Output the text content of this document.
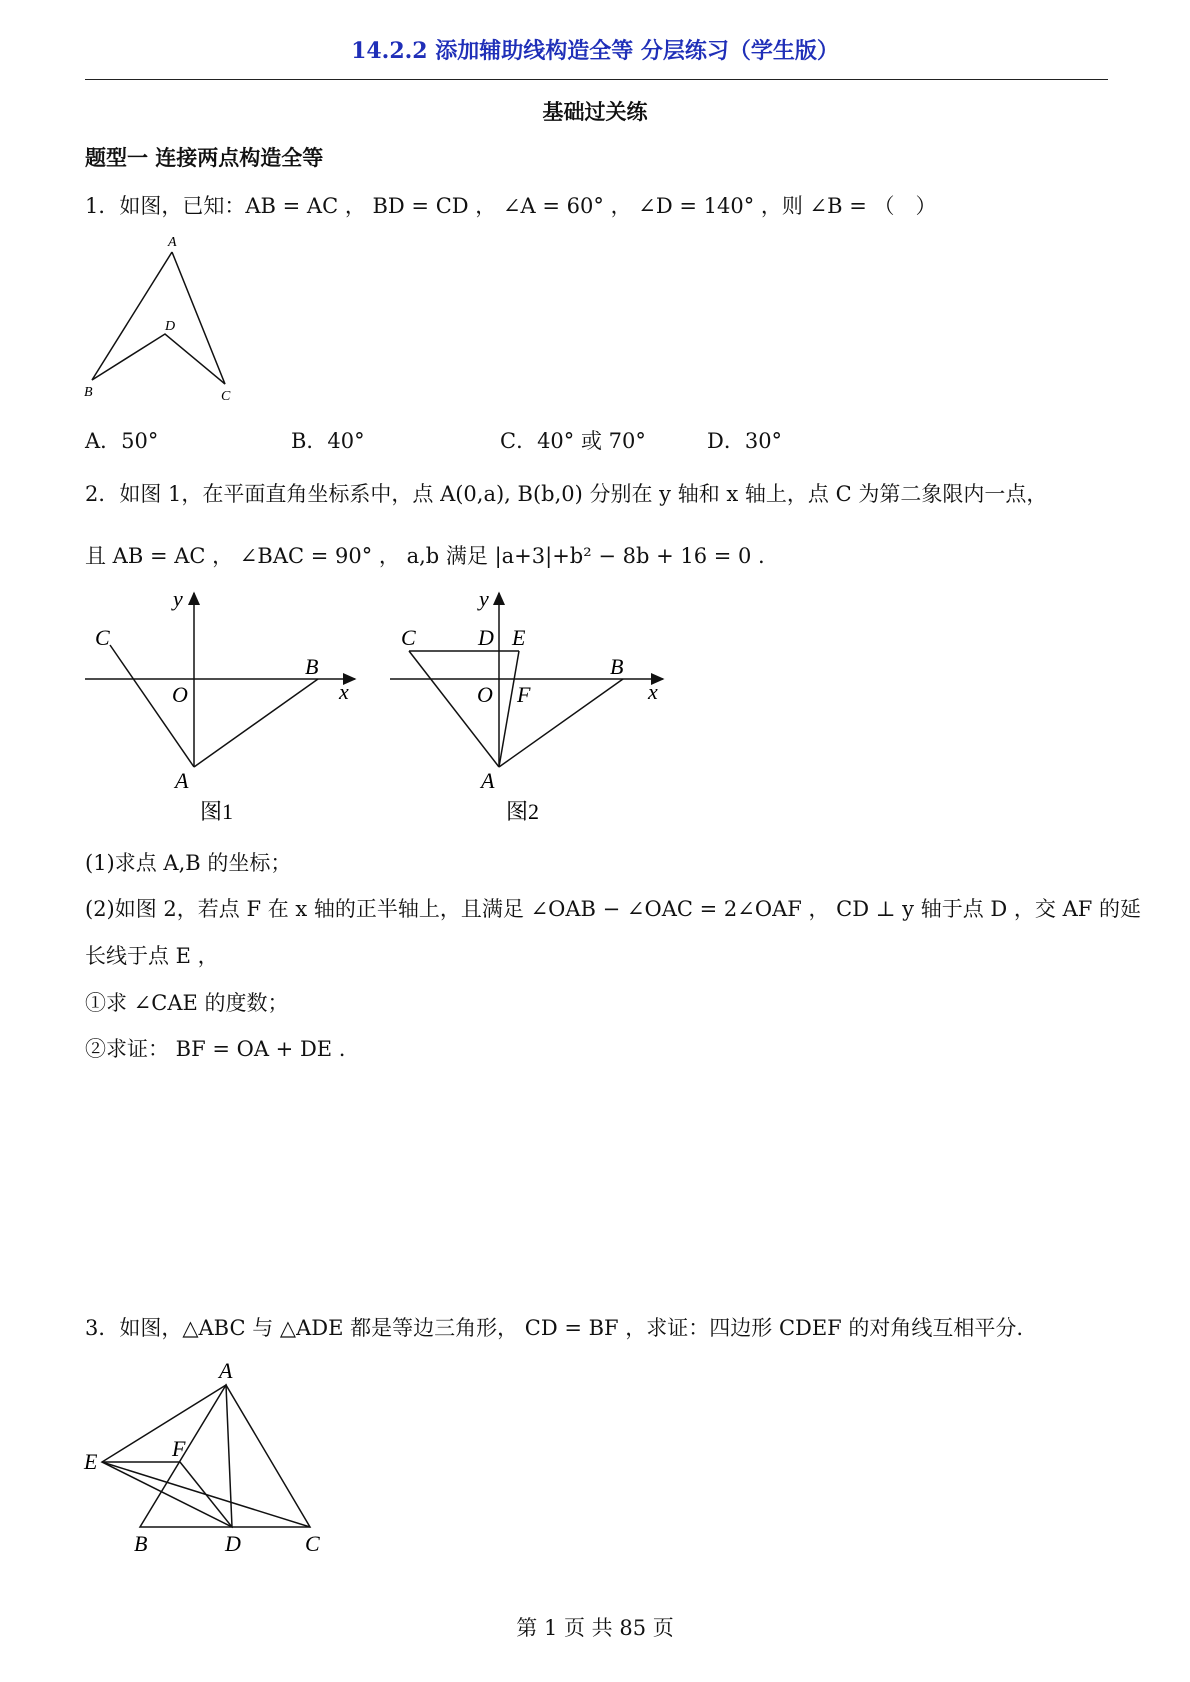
14.2.2 添加辅助线构造全等 分层练习（学生版）
基础过关练
题型一 连接两点构造全等
1．如图，已知：AB = AC ， BD = CD ， ∠A = 60° ， ∠D = 140° ，则 ∠B = （　）
A
B	C
D
A．50°	B．40°	C．40° 或 70°	D．30°
2．如图 1，在平面直角坐标系中，点 A(0,a), B(b,0) 分别在 y 轴和 x 轴上，点 C 为第二象限内一点，
且 AB = AC ， ∠BAC = 90° ， a,b 满足 |a+3|+b² − 8b + 16 = 0 .
y
x
C
O
B
A
图1
y
x
C	D E
O F
B
A
图2
(1)求点 A,B 的坐标；
(2)如图 2，若点 F 在 x 轴的正半轴上，且满足 ∠OAB − ∠OAC = 2∠OAF ， CD ⊥ y 轴于点 D ，交 AF 的延
长线于点 E ，
①求 ∠CAE 的度数；
②求证： BF = OA + DE .
3．如图，△ABC 与 △ADE 都是等边三角形， CD = BF ，求证：四边形 CDEF 的对角线互相平分.
A
E
F
B	D	C
第 1 页 共 85 页
